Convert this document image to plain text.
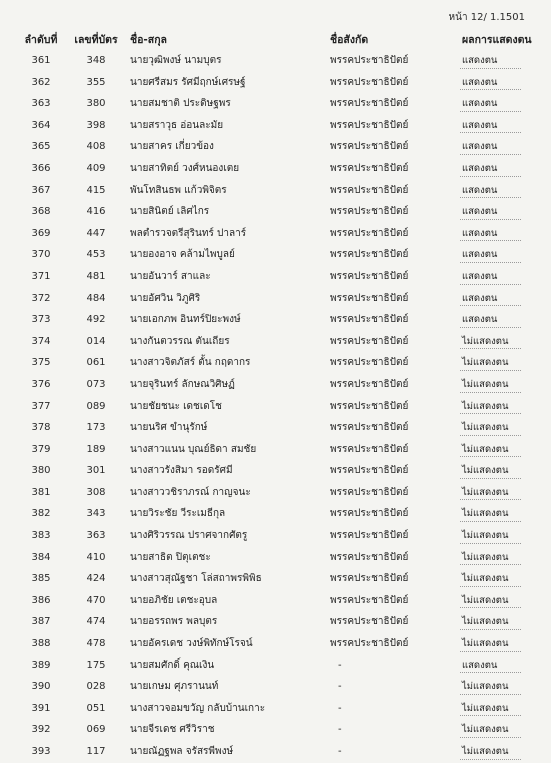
หน้า 12/ 1.1501
ลำดับที่	เลขที่บัตร	ชื่อ-สกุล	ชื่อสังกัด	ผลการแสดงตน
361	348	นายวุฒิพงษ์ นามบุตร	พรรคประชาธิปัตย์	แสดงตน
362	355	นายศรีสมร รัศมีฤกษ์เศรษฐ์	พรรคประชาธิปัตย์	แสดงตน
363	380	นายสมชาติ ประดิษฐพร	พรรคประชาธิปัตย์	แสดงตน
364	398	นายสราวุธ อ่อนละมัย	พรรคประชาธิปัตย์	แสดงตน
365	408	นายสาคร เกี่ยวข้อง	พรรคประชาธิปัตย์	แสดงตน
366	409	นายสาทิตย์ วงศ์หนองเตย	พรรคประชาธิปัตย์	แสดงตน
367	415	พันโทสินธพ แก้วพิจิตร	พรรคประชาธิปัตย์	แสดงตน
368	416	นายสินิตย์ เลิศไกร	พรรคประชาธิปัตย์	แสดงตน
369	447	พลตำรวจตรีสุรินทร์ ปาลาร์	พรรคประชาธิปัตย์	แสดงตน
370	453	นายองอาจ คล้ามไพบูลย์	พรรคประชาธิปัตย์	แสดงตน
371	481	นายอันวาร์ สาและ	พรรคประชาธิปัตย์	แสดงตน
372	484	นายอัศวิน วิภูศิริ	พรรคประชาธิปัตย์	แสดงตน
373	492	นายเอกภพ อินทร์ปิยะพงษ์	พรรคประชาธิปัตย์	แสดงตน
374	014	นางกันตวรรณ ตันเถียร	พรรคประชาธิปัตย์	ไม่แสดงตน
375	061	นางสาวจิตภัสร์ ตั้น กฤดากร	พรรคประชาธิปัตย์	ไม่แสดงตน
376	073	นายจุรินทร์ ลักษณวิศิษฏ์	พรรคประชาธิปัตย์	ไม่แสดงตน
377	089	นายชัยชนะ เดชเดโช	พรรคประชาธิปัตย์	ไม่แสดงตน
378	173	นายนริศ ขำนุรักษ์	พรรคประชาธิปัตย์	ไม่แสดงตน
379	189	นางสาวแนน บุณย์ธิดา สมชัย	พรรคประชาธิปัตย์	ไม่แสดงตน
380	301	นางสาวรังสิมา รอดรัศมี	พรรคประชาธิปัตย์	ไม่แสดงตน
381	308	นางสาววชิราภรณ์ กาญจนะ	พรรคประชาธิปัตย์	ไม่แสดงตน
382	343	นายวิระชัย วีระเมธีกุล	พรรคประชาธิปัตย์	ไม่แสดงตน
383	363	นางศิริวรรณ ปราศจากศัตรู	พรรคประชาธิปัตย์	ไม่แสดงตน
384	410	นายสาธิต ปิตุเตชะ	พรรคประชาธิปัตย์	ไม่แสดงตน
385	424	นางสาวสุณัฐชา โล่สถาพรพิพิธ	พรรคประชาธิปัตย์	ไม่แสดงตน
386	470	นายอภิชัย เตชะอุบล	พรรคประชาธิปัตย์	ไม่แสดงตน
387	474	นายอรรถพร พลบุตร	พรรคประชาธิปัตย์	ไม่แสดงตน
388	478	นายอัครเดช วงษ์พิทักษ์โรจน์	พรรคประชาธิปัตย์	ไม่แสดงตน
389	175	นายสมศักดิ์ คุณเงิน	-	แสดงตน
390	028	นายเกษม ศุภรานนท์	-	ไม่แสดงตน
391	051	นางสาวจอมขวัญ กลับบ้านเกาะ	-	ไม่แสดงตน
392	069	นายจีรเดช ศรีวิราช	-	ไม่แสดงตน
393	117	นายณัฏฐพล จรัสรพีพงษ์	-	ไม่แสดงตน
